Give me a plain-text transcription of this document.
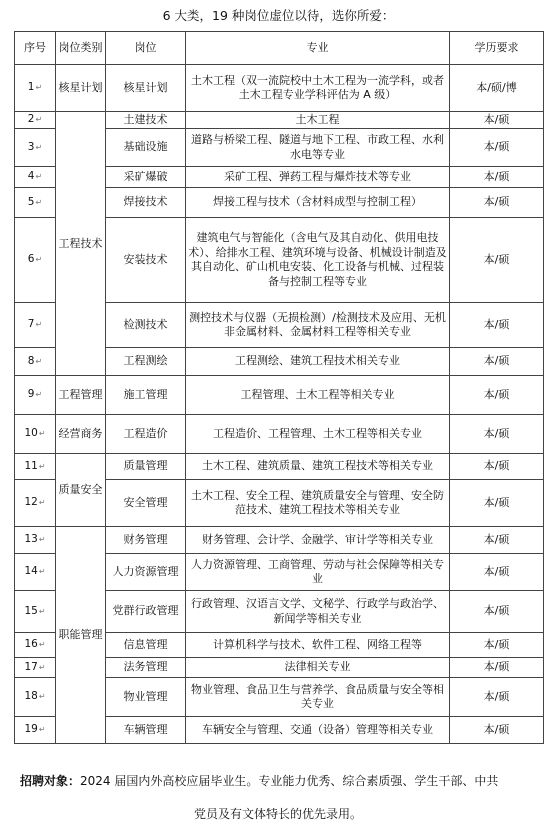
6 大类，19 种岗位虚位以待，选你所爱：
序号	岗位类别	岗位	专业	学历要求
1↵	核星计划	核星计划	土木工程（双一流院校中土木工程为一流学科，或者土木工程专业学科评估为 A 级）	本/硕/博
2↵	工程技术	土建技术	土木工程	本/硕
3↵		基础设施	道路与桥梁工程、隧道与地下工程、市政工程、水利水电等专业	本/硕
4↵		采矿爆破	采矿工程、弹药工程与爆炸技术等专业	本/硕
5↵		焊接技术	焊接工程与技术（含材料成型与控制工程）	本/硕
6↵		安装技术	建筑电气与智能化（含电气及其自动化、供用电技术）、给排水工程、建筑环境与设备、机械设计制造及其自动化、矿山机电安装、化工设备与机械、过程装备与控制工程等专业	本/硕
7↵		检测技术	测控技术与仪器（无损检测）/检测技术及应用、无机非金属材料、金属材料工程等相关专业	本/硕
8↵		工程测绘	工程测绘、建筑工程技术相关专业	本/硕
9↵	工程管理	施工管理	工程管理、土木工程等相关专业	本/硕
10↵	经营商务	工程造价	工程造价、工程管理、土木工程等相关专业	本/硕
11↵	质量安全	质量管理	土木工程、建筑质量、建筑工程技术等相关专业	本/硕
12↵		安全管理	土木工程、安全工程、建筑质量安全与管理、安全防范技术、建筑工程技术等相关专业	本/硕
13↵	职能管理	财务管理	财务管理、会计学、金融学、审计学等相关专业	本/硕
14↵		人力资源管理	人力资源管理、工商管理、劳动与社会保障等相关专业	本/硕
15↵		党群行政管理	行政管理、汉语言文学、文秘学、行政学与政治学、新闻学等相关专业	本/硕
16↵		信息管理	计算机科学与技术、软件工程、网络工程等	本/硕
17↵		法务管理	法律相关专业	本/硕
18↵		物业管理	物业管理、食品卫生与营养学、食品质量与安全等相关专业	本/硕
19↵		车辆管理	车辆安全与管理、交通（设备）管理等相关专业	本/硕
招聘对象：2024 届国内外高校应届毕业生。专业能力优秀、综合素质强、学生干部、中共
党员及有文体特长的优先录用。
